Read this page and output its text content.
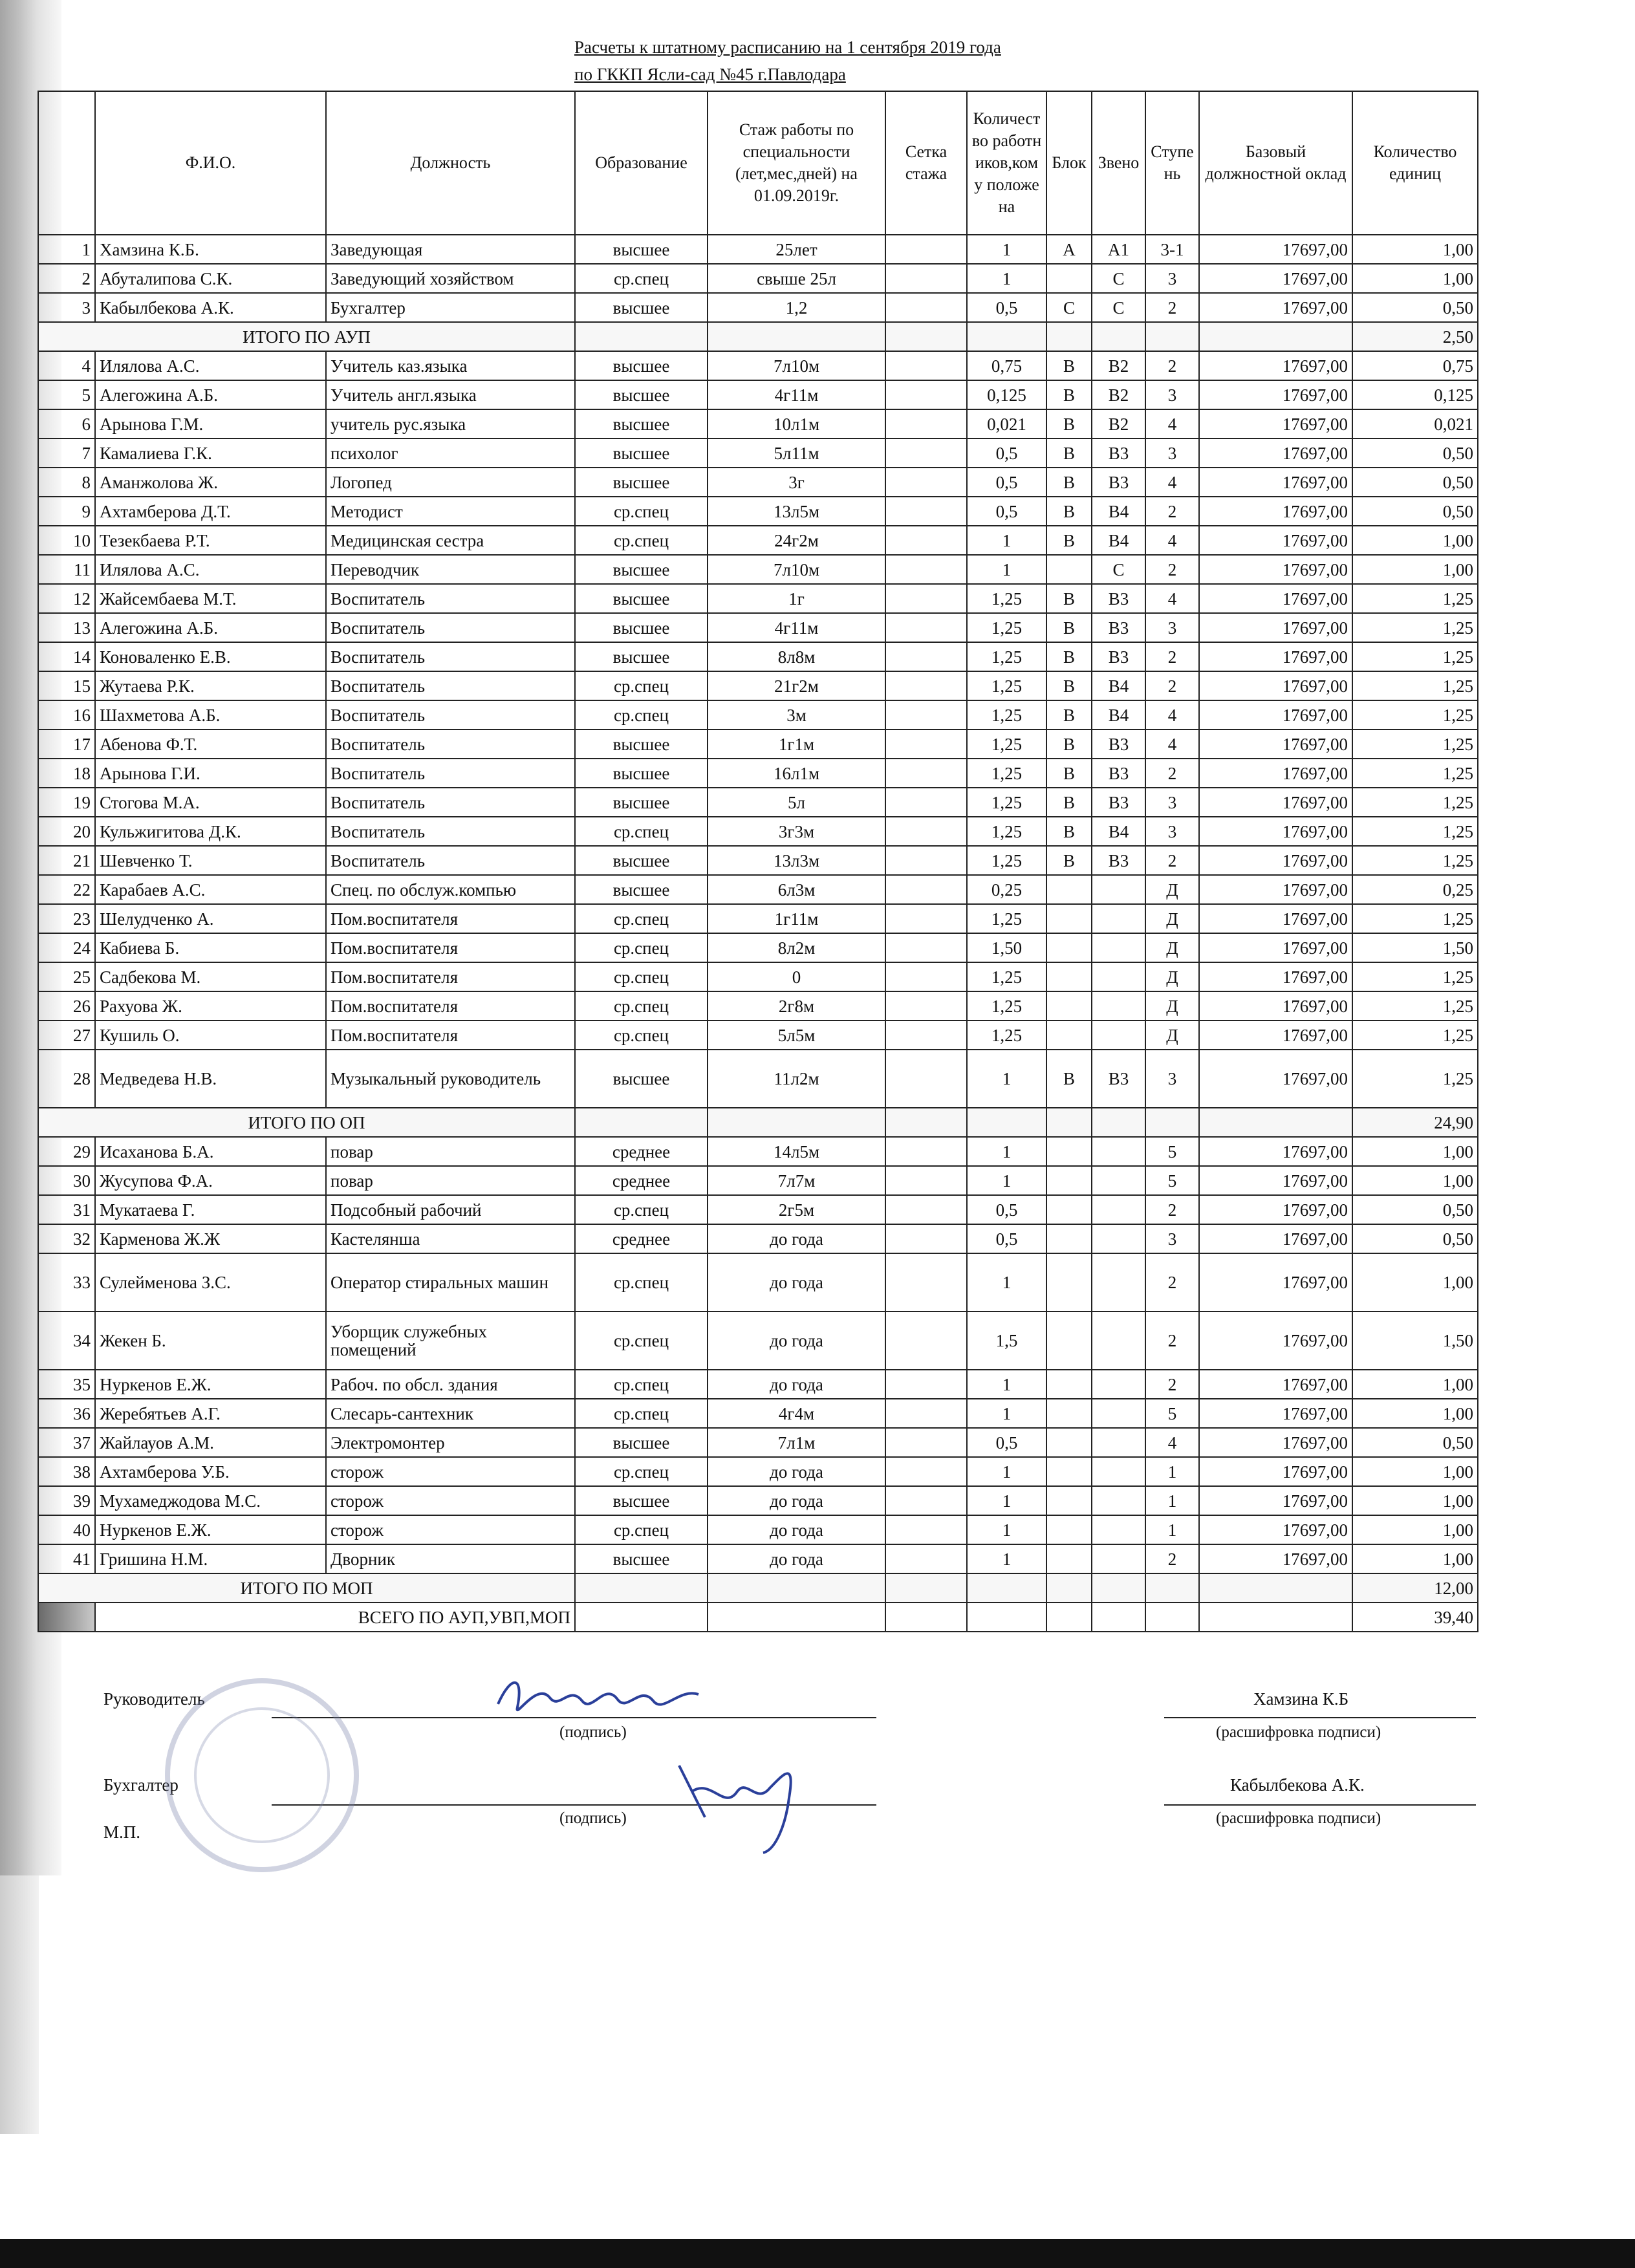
Расчеты к штатному расписанию на 1 сентября 2019 года
по ГККП Ясли-сад №45 г.Павлодара
	Ф.И.О.	Должность	Образование	Стаж работы по специальности (лет,мес,дней) на 01.09.2019г.	Сетка стажа	Количество работников,кому положена	Блок	Звено	Ступень	Базовый должностной оклад	Количество единиц
1	Хамзина К.Б.	Заведующая	высшее	25лет		1	А	А1	3-1	17697,00	1,00
2	Абуталипова С.К.	Заведующий хозяйством	ср.спец	свыше 25л		1		С	3	17697,00	1,00
3	Кабылбекова А.К.	Бухгалтер	высшее	1,2		0,5	С	С	2	17697,00	0,50
ИТОГО ПО АУП											2,50
4	Илялова А.С.	Учитель каз.языка	высшее	7л10м		0,75	В	В2	2	17697,00	0,75
5	Алегожина А.Б.	Учитель англ.языка	высшее	4г11м		0,125	В	В2	3	17697,00	0,125
6	Арынова Г.М.	учитель рус.языка	высшее	10л1м		0,021	В	В2	4	17697,00	0,021
7	Камалиева Г.К.	психолог	высшее	5л11м		0,5	В	В3	3	17697,00	0,50
8	Аманжолова Ж.	Логопед	высшее	3г		0,5	В	В3	4	17697,00	0,50
9	Ахтамберова Д.Т.	Методист	ср.спец	13л5м		0,5	В	В4	2	17697,00	0,50
10	Тезекбаева Р.Т.	Медицинская сестра	ср.спец	24г2м		1	В	В4	4	17697,00	1,00
11	Илялова А.С.	Переводчик	высшее	7л10м		1		С	2	17697,00	1,00
12	Жайсембаева М.Т.	Воспитатель	высшее	1г		1,25	В	В3	4	17697,00	1,25
13	Алегожина А.Б.	Воспитатель	высшее	4г11м		1,25	В	В3	3	17697,00	1,25
14	Коноваленко Е.В.	Воспитатель	высшее	8л8м		1,25	В	В3	2	17697,00	1,25
15	Жутаева Р.К.	Воспитатель	ср.спец	21г2м		1,25	В	В4	2	17697,00	1,25
16	Шахметова А.Б.	Воспитатель	ср.спец	3м		1,25	В	В4	4	17697,00	1,25
17	Абенова Ф.Т.	Воспитатель	высшее	1г1м		1,25	В	В3	4	17697,00	1,25
18	Арынова Г.И.	Воспитатель	высшее	16л1м		1,25	В	В3	2	17697,00	1,25
19	Стогова М.А.	Воспитатель	высшее	5л		1,25	В	В3	3	17697,00	1,25
20	Кульжигитова Д.К.	Воспитатель	ср.спец	3г3м		1,25	В	В4	3	17697,00	1,25
21	Шевченко Т.	Воспитатель	высшее	13л3м		1,25	В	В3	2	17697,00	1,25
22	Карабаев А.С.	Спец. по обслуж.компью	высшее	6л3м		0,25			Д	17697,00	0,25
23	Шелудченко А.	Пом.воспитателя	ср.спец	1г11м		1,25			Д	17697,00	1,25
24	Кабиева Б.	Пом.воспитателя	ср.спец	8л2м		1,50			Д	17697,00	1,50
25	Садбекова М.	Пом.воспитателя	ср.спец	0		1,25			Д	17697,00	1,25
26	Рахуова Ж.	Пом.воспитателя	ср.спец	2г8м		1,25			Д	17697,00	1,25
27	Кушиль О.	Пом.воспитателя	ср.спец	5л5м		1,25			Д	17697,00	1,25
28	Медведева Н.В.	Музыкальный руководитель	высшее	11л2м		1	В	В3	3	17697,00	1,25
ИТОГО ПО ОП											24,90
29	Исаханова Б.А.	повар	среднее	14л5м		1			5	17697,00	1,00
30	Жусупова Ф.А.	повар	среднее	7л7м		1			5	17697,00	1,00
31	Мукатаева Г.	Подсобный рабочий	ср.спец	2г5м		0,5			2	17697,00	0,50
32	Карменова Ж.Ж	Кастелянша	среднее	до года		0,5			3	17697,00	0,50
33	Сулейменова З.С.	Оператор стиральных машин	ср.спец	до года		1			2	17697,00	1,00
34	Жекен Б.	Уборщик служебных помещений	ср.спец	до года		1,5			2	17697,00	1,50
35	Нуркенов Е.Ж.	Рабоч. по обсл. здания	ср.спец	до года		1			2	17697,00	1,00
36	Жеребятьев А.Г.	Слесарь-сантехник	ср.спец	4г4м		1			5	17697,00	1,00
37	Жайлауов А.М.	Электромонтер	высшее	7л1м		0,5			4	17697,00	0,50
38	Ахтамберова У.Б.	сторож	ср.спец	до года		1			1	17697,00	1,00
39	Мухамеджодова М.С.	сторож	высшее	до года		1			1	17697,00	1,00
40	Нуркенов Е.Ж.	сторож	ср.спец	до года		1			1	17697,00	1,00
41	Гришина Н.М.	Дворник	высшее	до года		1			2	17697,00	1,00
ИТОГО ПО МОП											12,00
	ВСЕГО ПО АУП,УВП,МОП										39,40
Руководитель
(подпись)
Хамзина К.Б
(расшифровка подписи)
Бухгалтер
(подпись)
Кабылбекова А.К.
(расшифровка подписи)
М.П.
